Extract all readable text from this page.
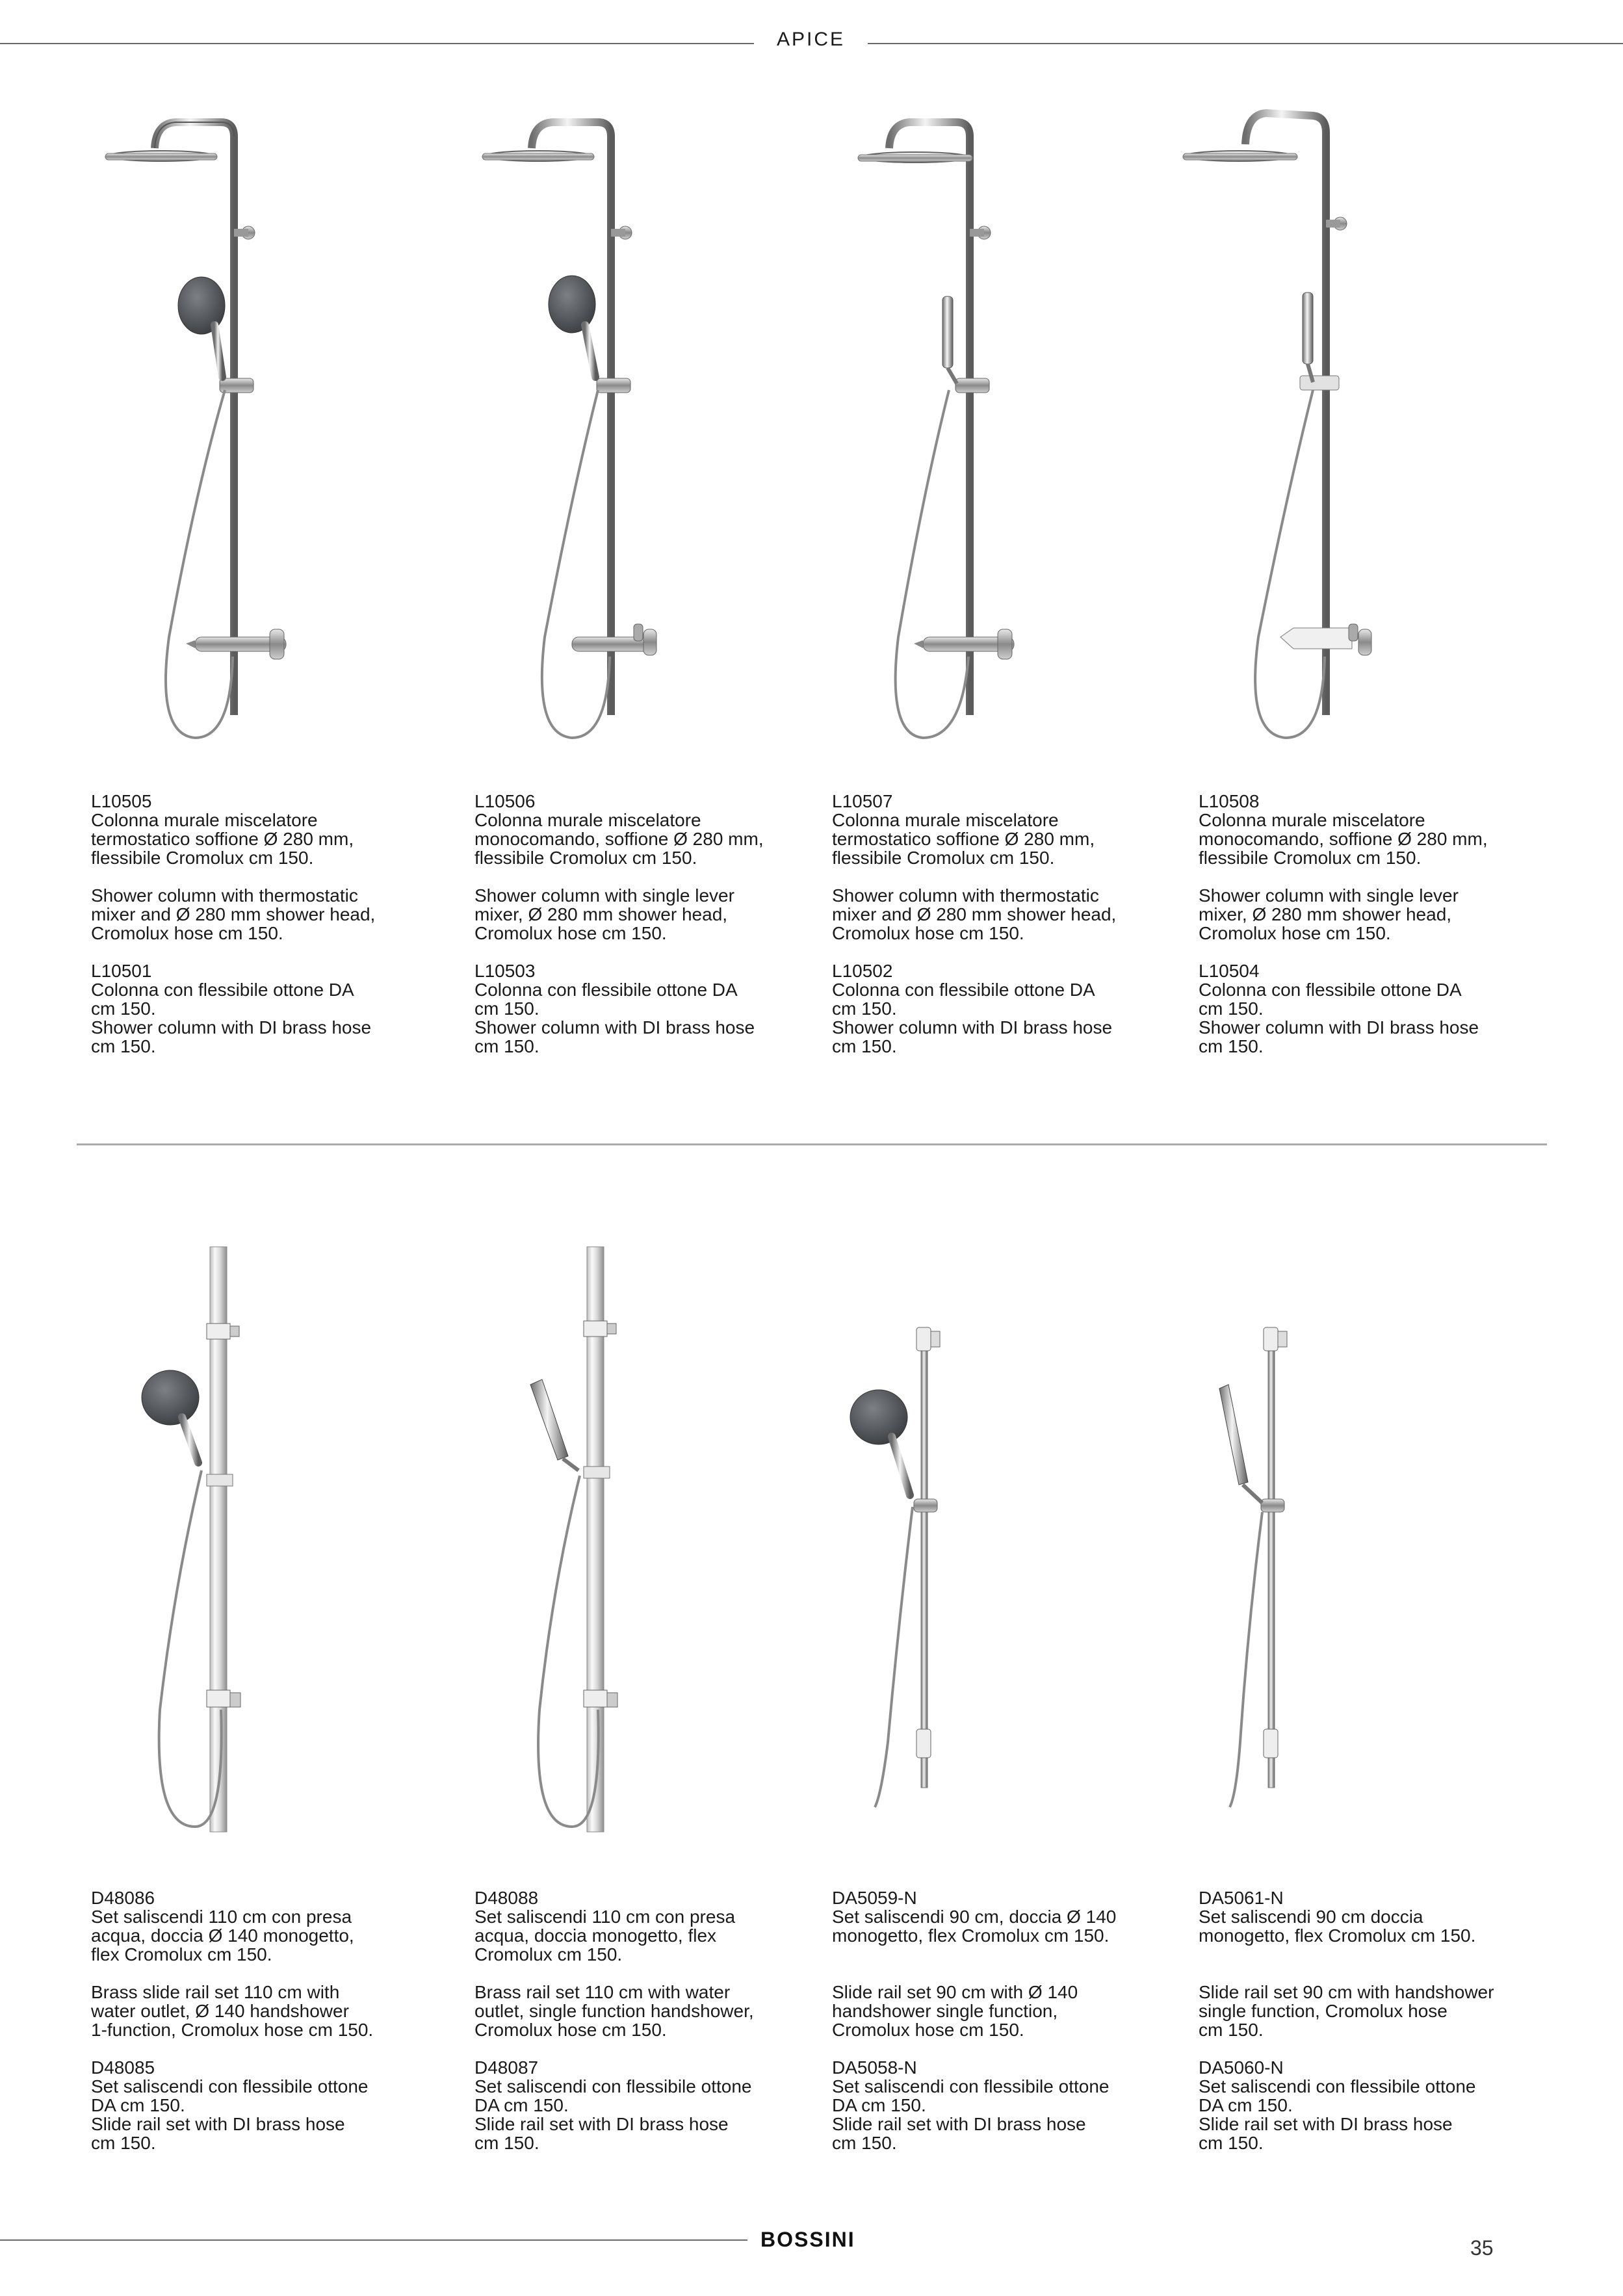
APICE
L10505
Colonna murale miscelatore
termostatico soffione Ø 280 mm,
flessibile Cromolux cm 150.
Shower column with thermostatic
mixer and Ø 280 mm shower head,
Cromolux hose cm 150.
L10501
Colonna con flessibile ottone DA
cm 150.
Shower column with DI brass hose
cm 150.
L10506
Colonna murale miscelatore
monocomando, soffione Ø 280 mm,
flessibile Cromolux cm 150.
Shower column with single lever
mixer, Ø 280 mm shower head,
Cromolux hose cm 150.
L10503
Colonna con flessibile ottone DA
cm 150.
Shower column with DI brass hose
cm 150.
L10507
Colonna murale miscelatore
termostatico soffione Ø 280 mm,
flessibile Cromolux cm 150.
Shower column with thermostatic
mixer and Ø 280 mm shower head,
Cromolux hose cm 150.
L10502
Colonna con flessibile ottone DA
cm 150.
Shower column with DI brass hose
cm 150.
L10508
Colonna murale miscelatore
monocomando, soffione Ø 280 mm,
flessibile Cromolux cm 150.
Shower column with single lever
mixer, Ø 280 mm shower head,
Cromolux hose cm 150.
L10504
Colonna con flessibile ottone DA
cm 150.
Shower column with DI brass hose
cm 150.
D48086
Set saliscendi 110 cm con presa
acqua, doccia Ø 140 monogetto,
flex Cromolux cm 150.
Brass slide rail set 110 cm with
water outlet, Ø 140 handshower
1-function, Cromolux hose cm 150.
D48085
Set saliscendi con flessibile ottone
DA cm 150.
Slide rail set with DI brass hose
cm 150.
D48088
Set saliscendi 110 cm con presa
acqua, doccia monogetto, flex
Cromolux cm 150.
Brass rail set 110 cm with water
outlet, single function handshower,
Cromolux hose cm 150.
D48087
Set saliscendi con flessibile ottone
DA cm 150.
Slide rail set with DI brass hose
cm 150.
DA5059-N
Set saliscendi 90 cm, doccia Ø 140
monogetto, flex Cromolux cm 150.

Slide rail set 90 cm with Ø 140
handshower single function,
Cromolux hose cm 150.
DA5058-N
Set saliscendi con flessibile ottone
DA cm 150.
Slide rail set with DI brass hose
cm 150.
DA5061-N
Set saliscendi 90 cm doccia
monogetto, flex Cromolux cm 150.

Slide rail set 90 cm with handshower
single function, Cromolux hose
cm 150.
DA5060-N
Set saliscendi con flessibile ottone
DA cm 150.
Slide rail set with DI brass hose
cm 150.
BOSSINI	35
